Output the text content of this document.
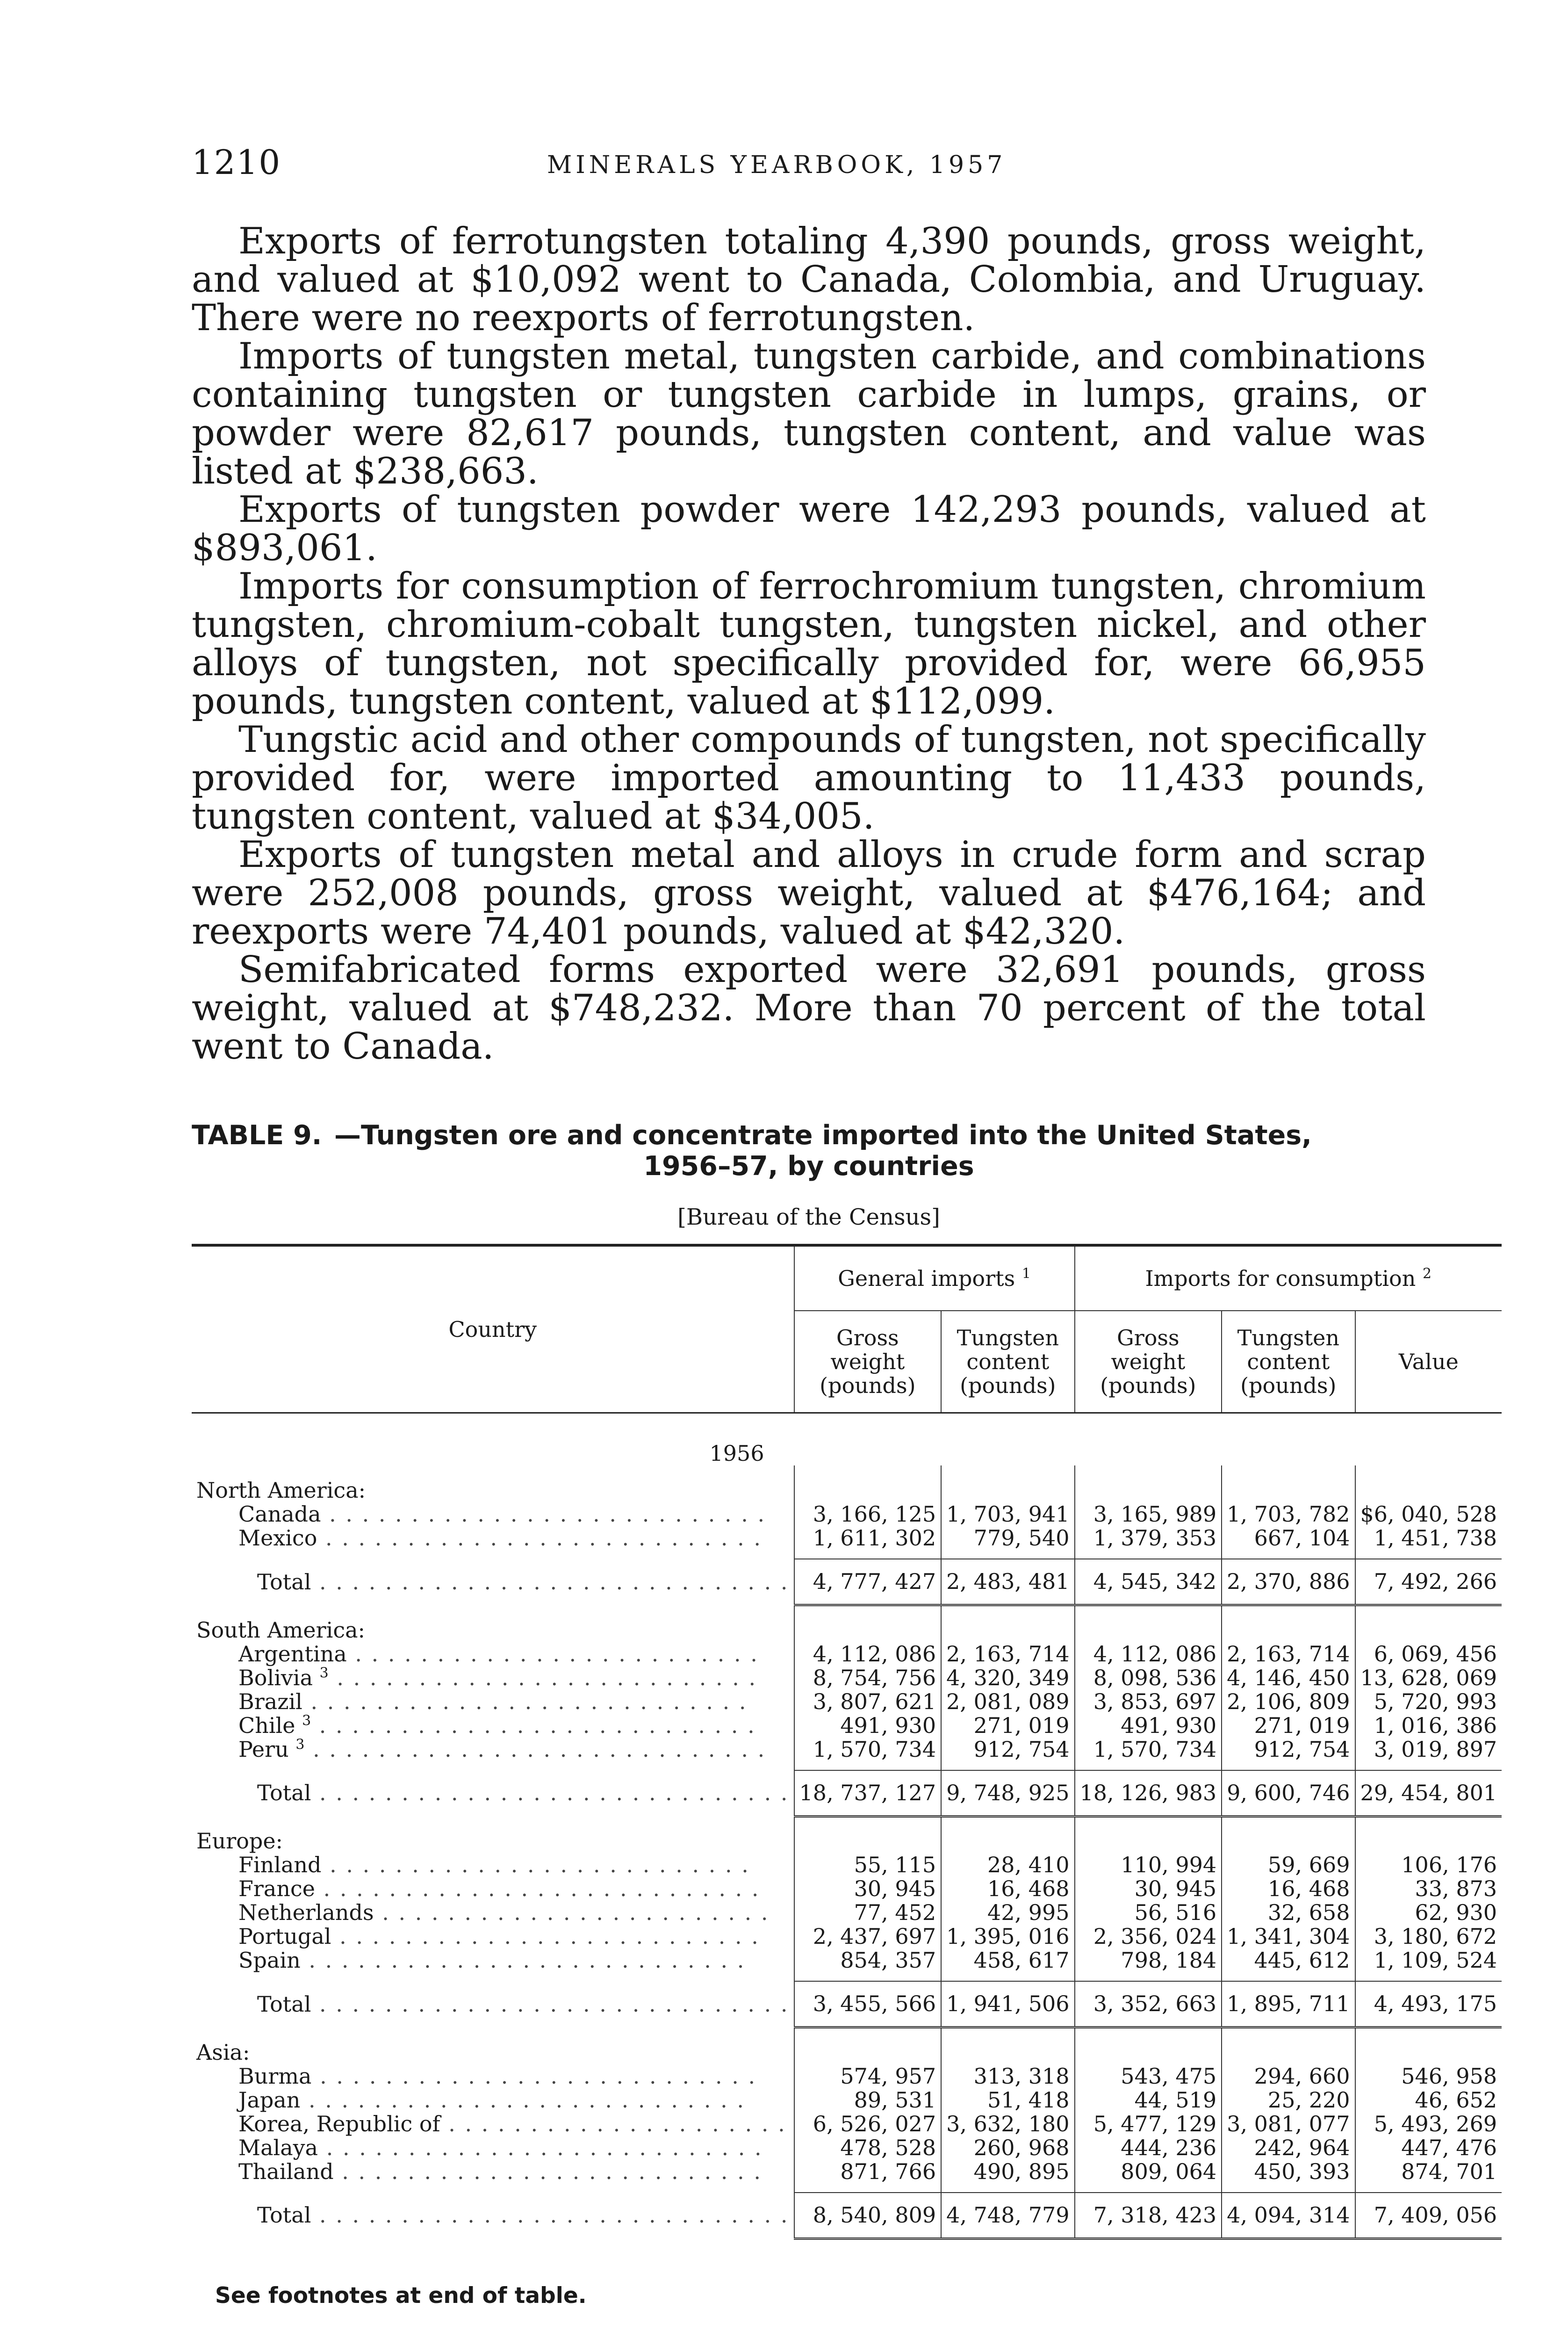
1210	MINERALS YEARBOOK, 1957

Exports of ferrotungsten totaling 4,390 pounds, gross weight, and valued at $10,092 went to Canada, Colombia, and Uruguay. There were no reexports of ferrotungsten.

Imports of tungsten metal, tungsten carbide, and combinations containing tungsten or tungsten carbide in lumps, grains, or powder were 82,617 pounds, tungsten content, and value was listed at $238,663.

Exports of tungsten powder were 142,293 pounds, valued at $893,061.

Imports for consumption of ferrochromium tungsten, chromium tungsten, chromium-cobalt tungsten, tungsten nickel, and other alloys of tungsten, not specifically provided for, were 66,955 pounds, tungsten content, valued at $112,099.

Tungstic acid and other compounds of tungsten, not specifically provided for, were imported amounting to 11,433 pounds, tungsten content, valued at $34,005.

Exports of tungsten metal and alloys in crude form and scrap were 252,008 pounds, gross weight, valued at $476,164; and reexports were 74,401 pounds, valued at $42,320.

Semifabricated forms exported were 32,691 pounds, gross weight, valued at $748,232. More than 70 percent of the total went to Canada.

TABLE 9. —Tungsten ore and concentrate imported into the United States,
1956–57, by countries
[Bureau of the Census]
Country	General imports $^1$		Imports for consumption $^2$
	Gross weight (pounds)	Tungsten content (pounds)	Gross weight (pounds)	Tungsten content (pounds)	Value
1956					
North America:					
Canada . . . . . . . . . . . . . . . . . . . . . . . . . . .	3, 166, 125	1, 703, 941	3, 165, 989	1, 703, 782	$6, 040, 528
Mexico . . . . . . . . . . . . . . . . . . . . . . . . . . .	1, 611, 302	779, 540	1, 379, 353	667, 104	1, 451, 738

Total . . . . . . . . . . . . . . . . . . . . . . . . . . . . .	4, 777, 427	2, 483, 481	4, 545, 342	2, 370, 886	7, 492, 266
South America:					
Argentina . . . . . . . . . . . . . . . . . . . . . . . . .	4, 112, 086	2, 163, 714	4, 112, 086	2, 163, 714	6, 069, 456
Bolivia $^3$ . . . . . . . . . . . . . . . . . . . . . . . . . .	8, 754, 756	4, 320, 349	8, 098, 536	4, 146, 450	13, 628, 069
Brazil . . . . . . . . . . . . . . . . . . . . . . . . . . .	3, 807, 621	2, 081, 089	3, 853, 697	2, 106, 809	5, 720, 993
Chile $^3$ . . . . . . . . . . . . . . . . . . . . . . . . . . .	491, 930	271, 019	491, 930	271, 019	1, 016, 386
Peru $^3$ . . . . . . . . . . . . . . . . . . . . . . . . . . . .	1, 570, 734	912, 754	1, 570, 734	912, 754	3, 019, 897

Total . . . . . . . . . . . . . . . . . . . . . . . . . . . . .	18, 737, 127	9, 748, 925	18, 126, 983	9, 600, 746	29, 454, 801
Europe:					
Finland . . . . . . . . . . . . . . . . . . . . . . . . . .	55, 115	28, 410	110, 994	59, 669	106, 176
France . . . . . . . . . . . . . . . . . . . . . . . . . . .	30, 945	16, 468	30, 945	16, 468	33, 873
Netherlands . . . . . . . . . . . . . . . . . . . . . . . .	77, 452	42, 995	56, 516	32, 658	62, 930
Portugal . . . . . . . . . . . . . . . . . . . . . . . . . .	2, 437, 697	1, 395, 016	2, 356, 024	1, 341, 304	3, 180, 672
Spain . . . . . . . . . . . . . . . . . . . . . . . . . . .	854, 357	458, 617	798, 184	445, 612	1, 109, 524

Total . . . . . . . . . . . . . . . . . . . . . . . . . . . . .	3, 455, 566	1, 941, 506	3, 352, 663	1, 895, 711	4, 493, 175
Asia:					
Burma . . . . . . . . . . . . . . . . . . . . . . . . . . .	574, 957	313, 318	543, 475	294, 660	546, 958
Japan . . . . . . . . . . . . . . . . . . . . . . . . . . .	89, 531	51, 418	44, 519	25, 220	46, 652
Korea, Republic of . . . . . . . . . . . . . . . . . . . . .	6, 526, 027	3, 632, 180	5, 477, 129	3, 081, 077	5, 493, 269
Malaya . . . . . . . . . . . . . . . . . . . . . . . . . . .	478, 528	260, 968	444, 236	242, 964	447, 476
Thailand . . . . . . . . . . . . . . . . . . . . . . . . . .	871, 766	490, 895	809, 064	450, 393	874, 701

Total . . . . . . . . . . . . . . . . . . . . . . . . . . . . .	8, 540, 809	4, 748, 779	7, 318, 423	4, 094, 314	7, 409, 056
See footnotes at end of table.
